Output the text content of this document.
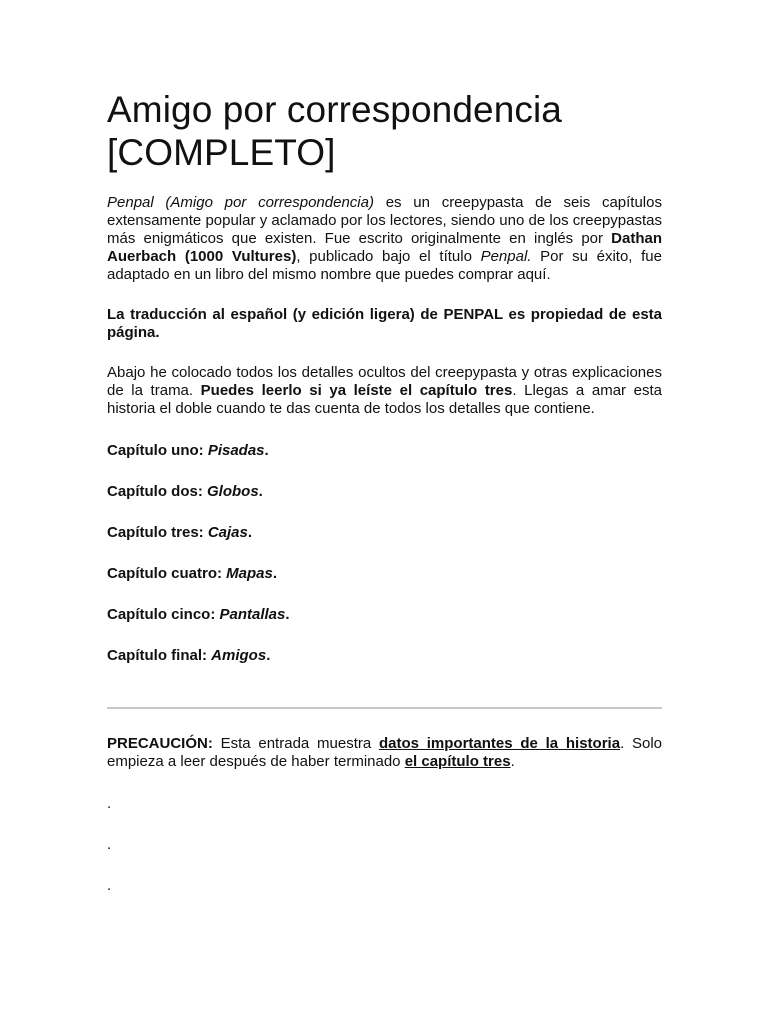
Amigo por correspondencia
[COMPLETO]

Penpal (Amigo por correspondencia) es un creepypasta de seis capítulos extensamente popular y aclamado por los lectores, siendo uno de los creepypastas más enigmáticos que existen. Fue escrito originalmente en inglés por Dathan Auerbach (1000 Vultures), publicado bajo el título Penpal. Por su éxito, fue adaptado en un libro del mismo nombre que puedes comprar aquí.

La traducción al español (y edición ligera) de PENPAL es propiedad de esta página.

Abajo he colocado todos los detalles ocultos del creepypasta y otras explicaciones de la trama. Puedes leerlo si ya leíste el capítulo tres. Llegas a amar esta historia el doble cuando te das cuenta de todos los detalles que contiene.

Capítulo uno: Pisadas.

Capítulo dos: Globos.

Capítulo tres: Cajas.

Capítulo cuatro: Mapas.

Capítulo cinco: Pantallas.

Capítulo final: Amigos.

PRECAUCIÓN: Esta entrada muestra datos importantes de la historia. Solo empieza a leer después de haber terminado el capítulo tres.

.

.

.
